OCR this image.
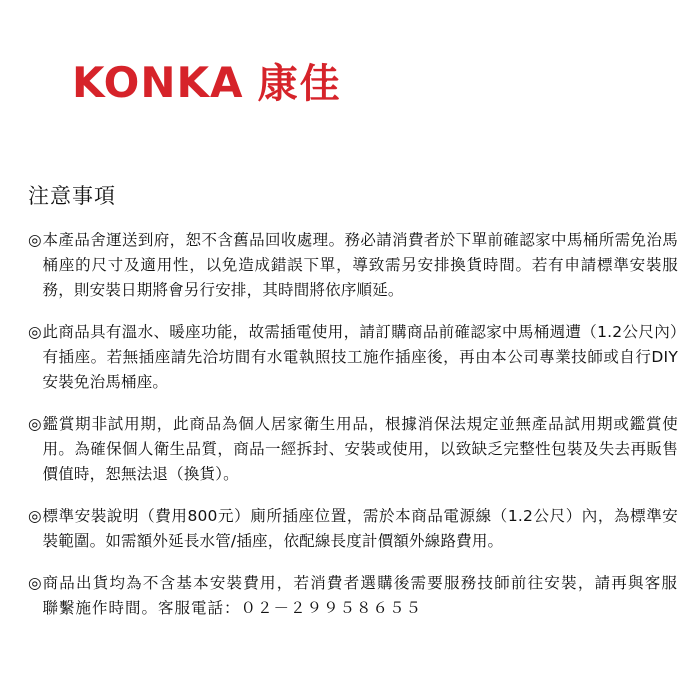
KONKA 康佳
注意事項
◎ 本產品舍運送到府，恕不含舊品回收處理。務必請消費者於下單前確認家中馬桶所需免治馬桶座的尺寸及適用性，以免造成錯誤下單，導致需另安排換貨時間。若有申請標準安裝服務，則安裝日期將會另行安排，其時間將依序順延。
◎ 此商品具有溫水、暖座功能，故需插電使用，請訂購商品前確認家中馬桶週遭（1.2公尺內）有插座。若無插座請先洽坊間有水電執照技工施作插座後，再由本公司專業技師或自行DIY安裝免治馬桶座。
◎ 鑑賞期非試用期，此商品為個人居家衛生用品，根據消保法規定並無產品試用期或鑑賞使用。為確保個人衛生品質，商品一經拆封、安裝或使用，以致缺乏完整性包裝及失去再販售價值時，恕無法退（換貨）。
◎ 標準安裝說明（費用800元）廁所插座位置，需於本商品電源線（1.2公尺）內，為標準安裝範圍。如需額外延長水管/插座，依配線長度計價額外線路費用。
◎ 商品出貨均為不含基本安裝費用，若消費者選購後需要服務技師前往安裝，請再與客服聯繫施作時間。客服電話：０２－２９９５８６５５
